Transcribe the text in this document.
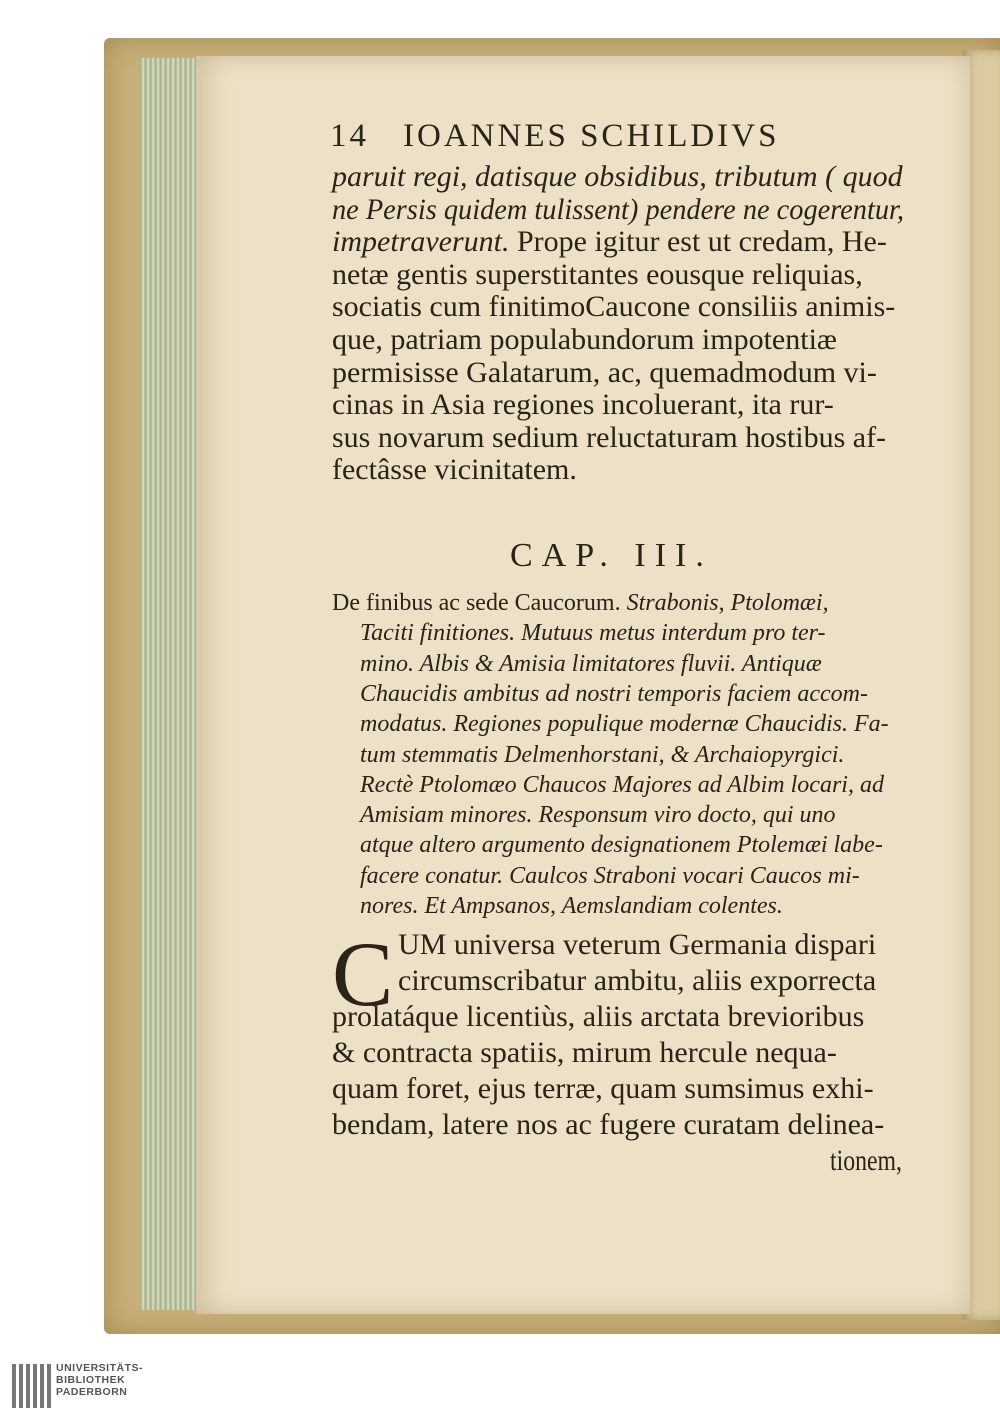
14 IOANNES SCHILDIVS
paruit regi, datisque obsidibus, tributum ( quod
ne Persis quidem tulissent) pendere ne cogerentur,
impetraverunt. Prope igitur est ut credam, He-
netæ gentis superstitantes eousque reliquias,
sociatis cum finitimoCaucone consiliis animis-
que, patriam populabundorum impotentiæ
permisisse Galatarum, ac, quemadmodum vi-
cinas in Asia regiones incoluerant, ita rur-
sus novarum sedium reluctaturam hostibus af-
fectâsse vicinitatem.
CAP. III.
De finibus ac sede Caucorum. Strabonis, Ptolomæi,
Taciti finitiones. Mutuus metus interdum pro ter-
mino. Albis & Amisia limitatores fluvii. Antiquæ
Chaucidis ambitus ad nostri temporis faciem accom-
modatus. Regiones populique modernæ Chaucidis. Fa-
tum stemmatis Delmenhorstani, & Archaiopyrgici.
Rectè Ptolomæo Chaucos Majores ad Albim locari, ad
Amisiam minores. Responsum viro docto, qui uno
atque altero argumento designationem Ptolemæi labe-
facere conatur. Caulcos Straboni vocari Caucos mi-
nores. Et Ampsanos, Aemslandiam colentes.
C UM universa veterum Germania dispari
circumscribatur ambitu, aliis exporrecta
prolatáque licentiùs, aliis arctata brevioribus
& contracta spatiis, mirum hercule nequa-
quam foret, ejus terræ, quam sumsimus exhi-
bendam, latere nos ac fugere curatam delinea-
tionem,
UNIVERSITÄTS-
BIBLIOTHEK
PADERBORN
